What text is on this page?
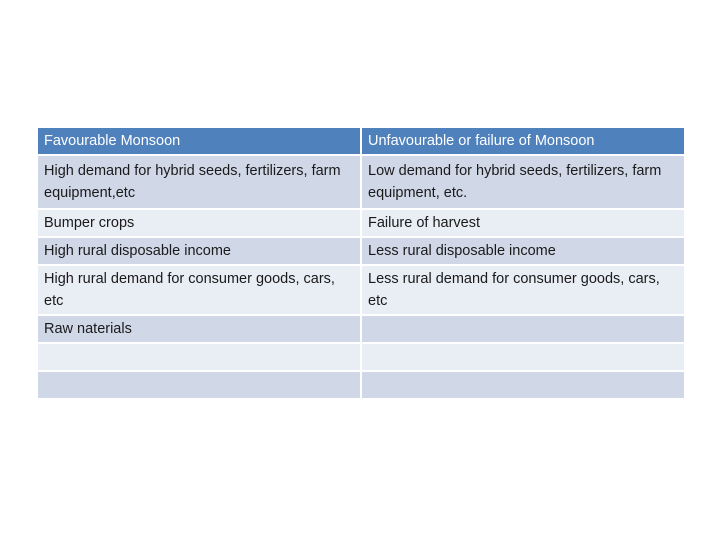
Favourable Monsoon	Unfavourable or failure of Monsoon
High demand for hybrid seeds, fertilizers, farm equipment,etc	Low demand for hybrid seeds, fertilizers, farm equipment, etc.
Bumper crops	Failure of harvest
High rural disposable income	Less rural disposable income
High rural demand for consumer goods, cars, etc	Less rural demand for consumer goods, cars, etc
Raw naterials	
